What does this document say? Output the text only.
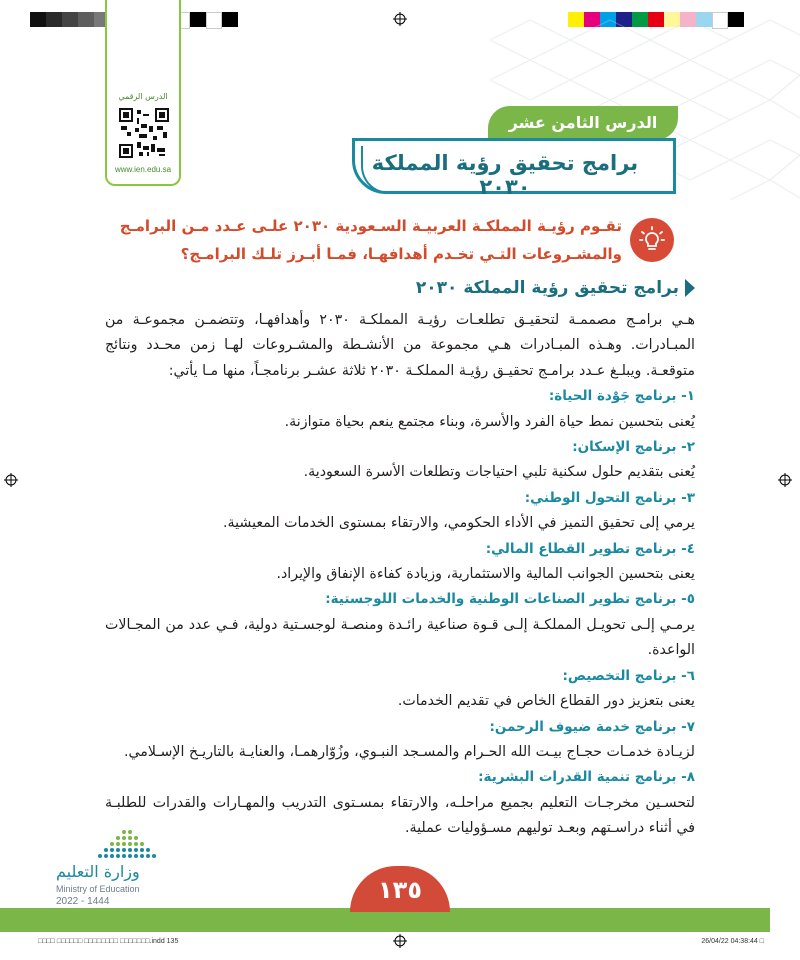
الدرس الرقمي
www.ien.edu.sa
الدرس الثامن عشر
برامج تحقيق رؤية المملكة ٢٠٣٠
تقـوم رؤيـة المملكـة العربيـة السـعودية ٢٠٣٠ علـى عـدد مـن البرامـج والمشـروعات التـي تخـدم أهدافهـا، فمـا أبـرز تلـك البرامـج؟
برامج تحقيق رؤية المملكة ٢٠٣٠

هـي برامـج مصممـة لتحقيـق تطلعـات رؤيـة المملكـة ٢٠٣٠ وأهدافهـا، وتتضمـن مجموعـة من المبـادرات. وهـذه المبـادرات هـي مجموعة من الأنشـطة والمشـروعات لهـا زمن محـدد ونتائج متوقعـة. ويبلـغ عـدد برامـج تحقيـق رؤيـة المملكـة ٢٠٣٠ ثلاثة عشـر برنامجـاً، منها مـا يأتي:

١- برنامج جَوْدة الحياة:

يُعنى بتحسين نمط حياة الفرد والأسرة، وبناء مجتمع ينعم بحياة متوازنة.

٢- برنامج الإسكان:

يُعنى بتقديم حلول سكنية تلبي احتياجات وتطلعات الأسرة السعودية.

٣- برنامج التحول الوطني:

يرمي إلى تحقيق التميز في الأداء الحكومي، والارتقاء بمستوى الخدمات المعيشية.

٤- برنامج تطوير القطاع المالي:

يعنى بتحسين الجوانب المالية والاستثمارية، وزيادة كفاءة الإنفاق والإيراد.

٥- برنامج تطوير الصناعات الوطنية والخدمات اللوجستية:

يرمـي إلـى تحويـل المملكـة إلـى قـوة صناعية رائـدة ومنصـة لوجسـتية دولية، فـي عدد من المجـالات الواعدة.

٦- برنامج التخصيص:

يعنى بتعزيز دور القطاع الخاص في تقديم الخدمات.

٧- برنامج خدمة ضيوف الرحمن:

لزيـادة خدمـات حجـاج بيـت الله الحـرام والمسـجد النبـوي، وزُوّارهمـا، والعنايـة بالتاريـخ الإسـلامي.

٨- برنامج تنمية القدرات البشرية:

لتحسـين مخرجـات التعليم بجميع مراحلـه، والارتقاء بمسـتوى التدريب والمهـارات والقدرات للطلبـة في أثناء دراسـتهم وبعـد توليهم مسـؤوليات عملية.

وزارة التعليم
Ministry of Education
2022 - 1444	١٣٥
□□□□ □□□□□□ □□□□□□□□ □□□□□□□.indd 135	26/04/22 04:38:44 □
